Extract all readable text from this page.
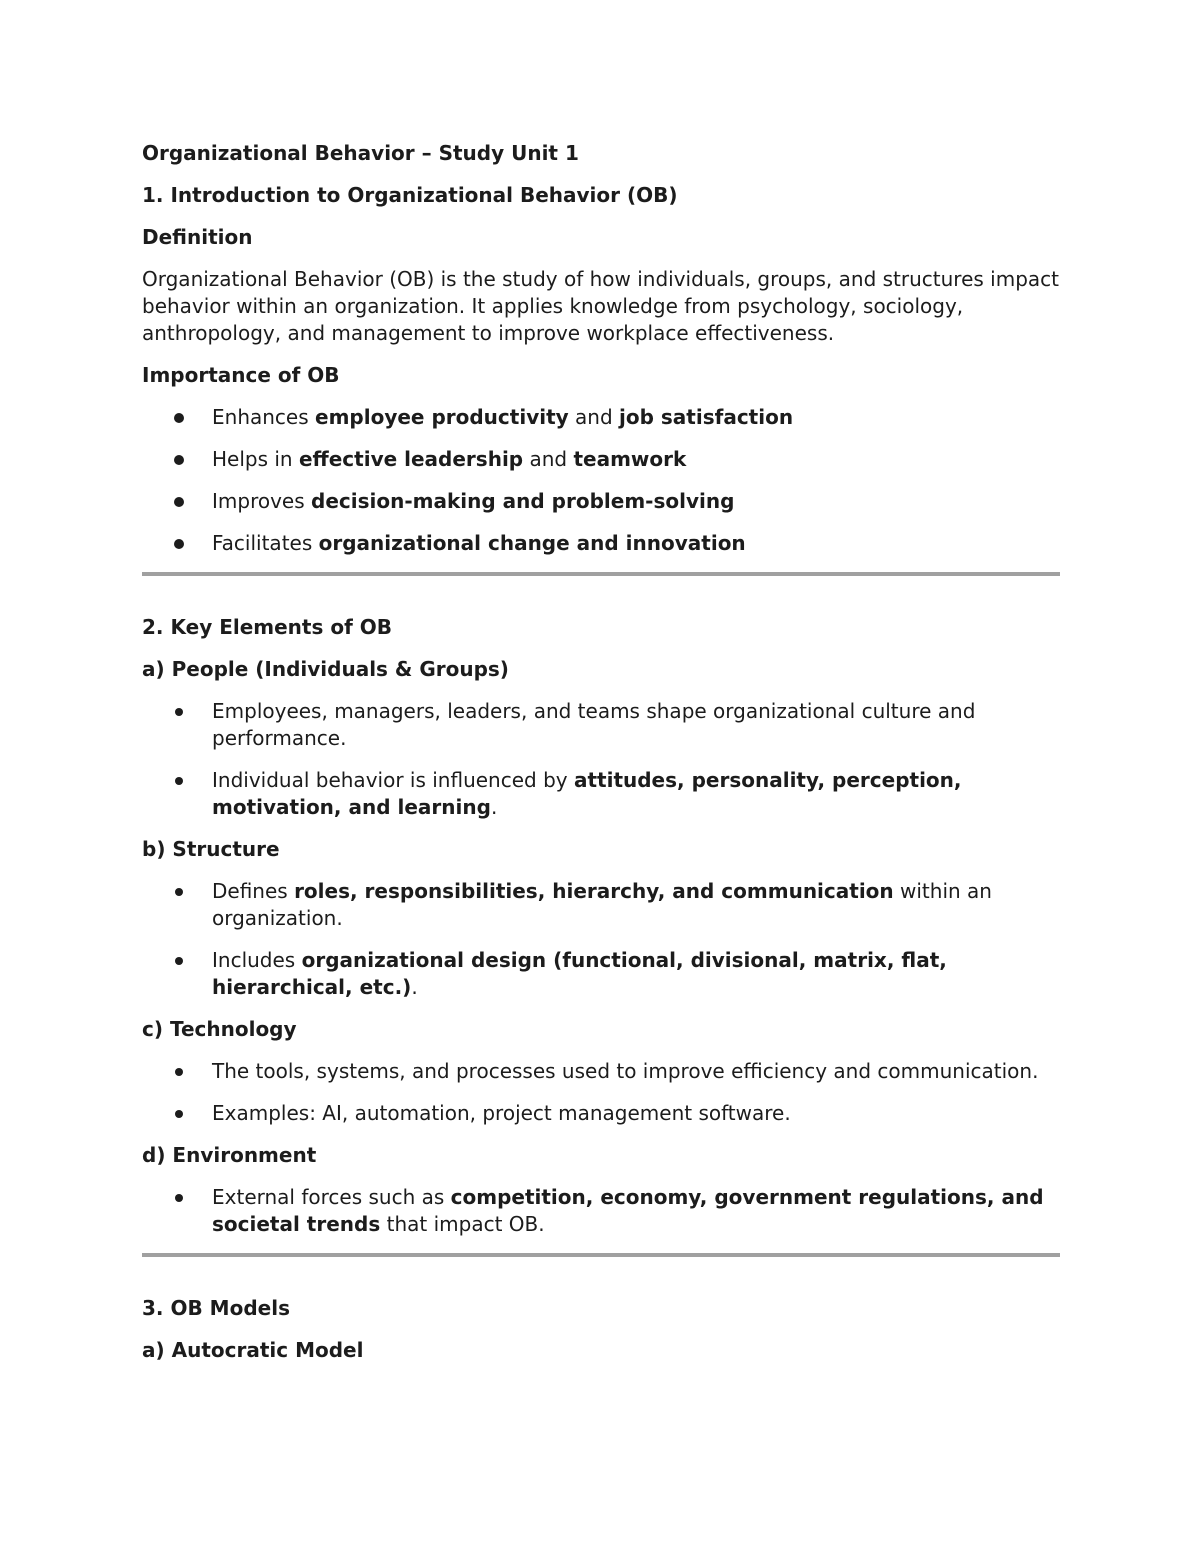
Organizational Behavior – Study Unit 1

1. Introduction to Organizational Behavior (OB)

Definition

Organizational Behavior (OB) is the study of how individuals, groups, and structures impact behavior within an organization. It applies knowledge from psychology, sociology, anthropology, and management to improve workplace effectiveness.

Importance of OB

Enhances employee productivity and job satisfaction
Helps in effective leadership and teamwork
Improves decision-making and problem-solving
Facilitates organizational change and innovation

2. Key Elements of OB

a) People (Individuals & Groups)

Employees, managers, leaders, and teams shape organizational culture and performance.
Individual behavior is influenced by attitudes, personality, perception, motivation, and learning.

b) Structure

Defines roles, responsibilities, hierarchy, and communication within an organization.
Includes organizational design (functional, divisional, matrix, flat, hierarchical, etc.).

c) Technology

The tools, systems, and processes used to improve efficiency and communication.
Examples: AI, automation, project management software.

d) Environment

External forces such as competition, economy, government regulations, and societal trends that impact OB.

3. OB Models

a) Autocratic Model
